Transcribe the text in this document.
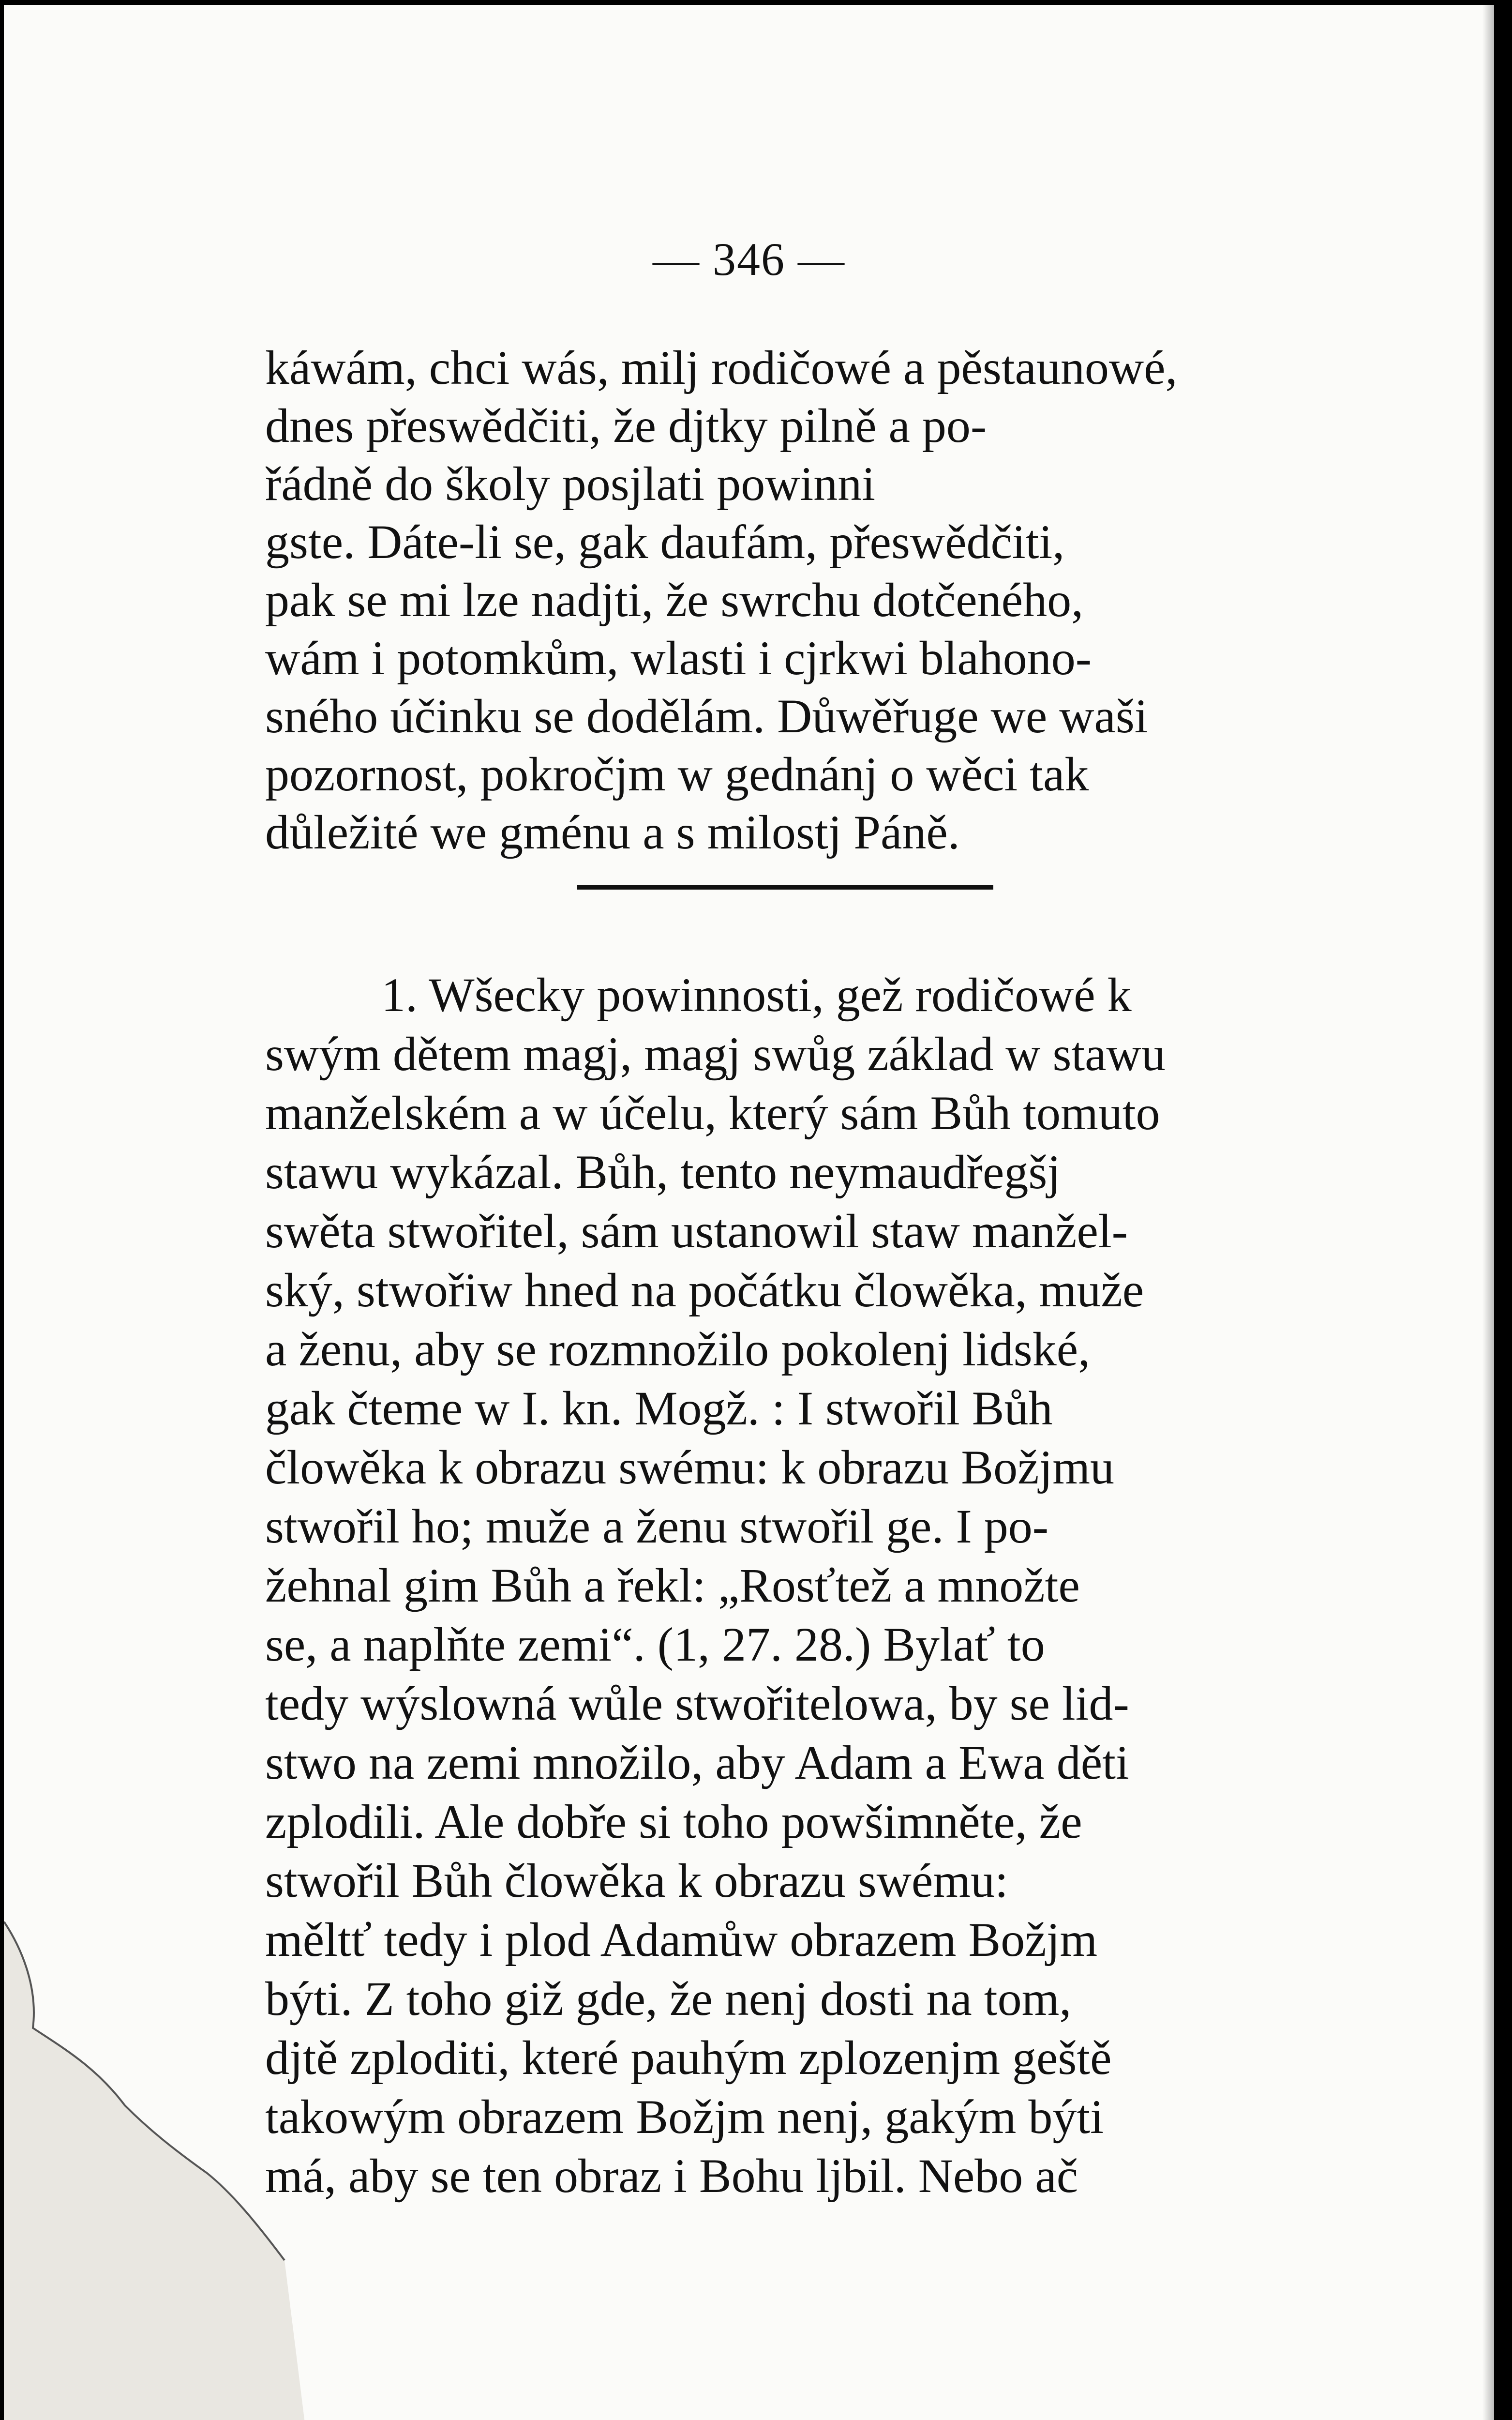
— 346 —
káwám, chci wás, milj rodičowé a pěstaunowé,
dnes přeswědčiti, že djtky pilně a po-
řádně do školy posjlati powinni
gste. Dáte-li se, gak daufám, přeswědčiti,
pak se mi lze nadjti, že swrchu dotčeného,
wám i potomkům, wlasti i cjrkwi blahono-
sného účinku se dodělám. Důwěřuge we waši
pozornost, pokročjm w gednánj o wěci tak
důležité we gménu a s milostj Páně.
1. Wšecky powinnosti, gež rodičowé k
swým dětem magj, magj swůg základ w stawu
manželském a w účelu, který sám Bůh tomuto
stawu wykázal. Bůh, tento neymaudřegšj
swěta stwořitel, sám ustanowil staw manžel-
ský, stwořiw hned na počátku člowěka, muže
a ženu, aby se rozmnožilo pokolenj lidské,
gak čteme w I. kn. Mogž. : I stwořil Bůh
člowěka k obrazu swému: k obrazu Božjmu
stwořil ho; muže a ženu stwořil ge. I po-
žehnal gim Bůh a řekl: „Rosťtež a množte
se, a naplňte zemi“. (1, 27. 28.) Bylať to
tedy wýslowná wůle stwořitelowa, by se lid-
stwo na zemi množilo, aby Adam a Ewa děti
zplodili. Ale dobře si toho powšimněte, že
stwořil Bůh člowěka k obrazu swému:
měltť tedy i plod Adamůw obrazem Božjm
býti. Z toho giž gde, že nenj dosti na tom,
djtě zploditi, které pauhým zplozenjm geště
takowým obrazem Božjm nenj, gakým býti
má, aby se ten obraz i Bohu ljbil. Nebo ač
